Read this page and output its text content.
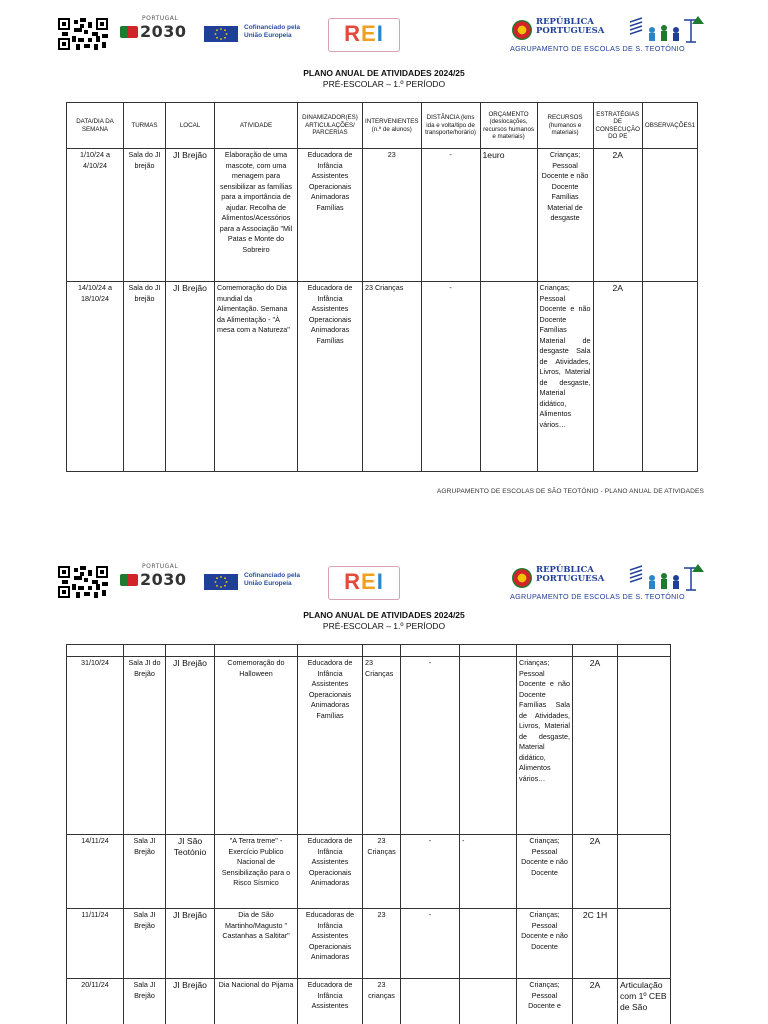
PORTUGAL
2030	Cofinanciado pela
União Europeia	REI	REPÚBLICA
PORTUGUESA
AGRUPAMENTO DE ESCOLAS DE S. TEOTÓNIO
PLANO ANUAL DE ATIVIDADES 2024/25
PRÉ-ESCOLAR – 1.º PERÍODO
DATA/DIA DA SEMANA	TURMAS	LOCAL	ATIVIDADE	DINAMIZADOR(ES) ARTICULAÇÕES/ PARCERIAS	INTERVENIENTES (n.º de alunos)	DISTÂNCIA (kms ida e volta/tipo de transporte/horário)	ORÇAMENTO (deslocações, recursos humanos e materiais)	RECURSOS (humanos e materiais)	ESTRATÉGIAS DE CONSECUÇÃO DO PE	OBSERVAÇÕES1
1/10/24 a 4/10/24	Sala do JI brejão	JI Brejão	Elaboração de uma mascote, com uma menagem para sensibilizar as famílias para a importância de ajudar. Recolha de Alimentos/Acessórios para a Associação "Mil Patas e Monte do Sobreiro	Educadora de Infância Assistentes Operacionais Animadoras Famílias	23	-	1euro	Crianças; Pessoal Docente e não Docente Famílias Material de desgaste	2A	
14/10/24 a 18/10/24	Sala do JI brejão	JI Brejão	Comemoração do Dia mundial da Alimentação. Semana da Alimentação - "À mesa com a Natureza"	Educadora de Infância Assistentes Operacionais Animadoras Famílias	23 Crianças	-		Crianças; Pessoal Docente e não Docente Famílias Material de desgaste Sala de Atividades, Livros, Material de desgaste, Material didático, Alimentos vários…	2A	
AGRUPAMENTO DE ESCOLAS DE SÃO TEOTÓNIO - PLANO ANUAL DE ATIVIDADES
PORTUGAL
2030	Cofinanciado pela
União Europeia	REI	REPÚBLICA
PORTUGUESA
AGRUPAMENTO DE ESCOLAS DE S. TEOTÓNIO
PLANO ANUAL DE ATIVIDADES 2024/25
PRÉ-ESCOLAR – 1.º PERÍODO

31/10/24	Sala JI do Brejão	JI Brejão	Comemoração do Halloween	Educadora de Infância Assistentes Operacionais Animadoras Famílias	23 Crianças	-		Crianças; Pessoal Docente e não Docente Famílias Sala de Atividades, Livros, Material de desgaste, Material didático, Alimentos vários…	2A	
14/11/24	Sala JI Brejão	JI São Teotónio	"A Terra treme" - Exercício Publico Nacional de Sensibilização para o Risco Sísmico	Educadora de Infância Assistentes Operacionais Animadoras	23 Crianças	-	-	Crianças; Pessoal Docente e não Docente	2A	
11/11/24	Sala JI Brejão	JI Brejão	Dia de São Martinho/Magusto " Castanhas a Saltitar"	Educadoras de Infância Assistentes Operacionais Animadoras	23	-		Crianças; Pessoal Docente e não Docente	2C 1H	
20/11/24	Sala JI Brejão	JI Brejão	Dia Nacional do Pijama	Educadora de Infância Assistentes	23 crianças			Crianças; Pessoal Docente e	2A	Articulação com 1º CEB de São
